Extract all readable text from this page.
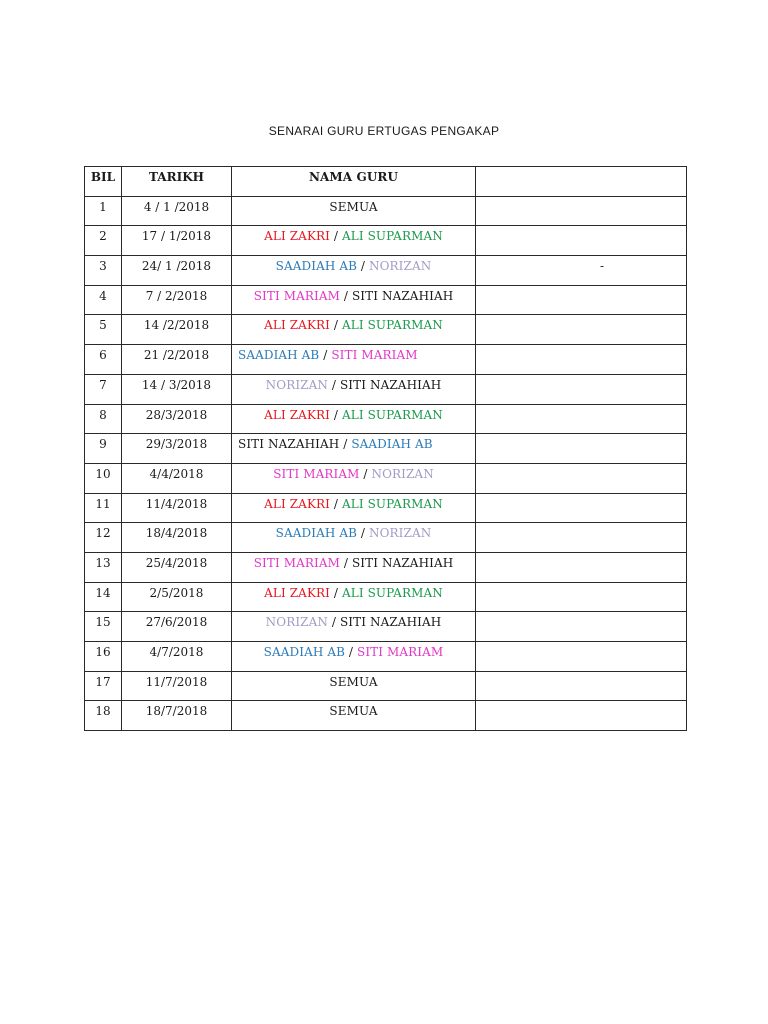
SENARAI GURU ERTUGAS PENGAKAP
BIL	TARIKH	NAMA GURU	
1	4 / 1 /2018	SEMUA	
2	17 / 1/2018	ALI ZAKRI / ALI SUPARMAN	
3	24/ 1 /2018	SAADIAH AB / NORIZAN	-
4	7 / 2/2018	SITI MARIAM / SITI NAZAHIAH	
5	14 /2/2018	ALI ZAKRI / ALI SUPARMAN	
6	21 /2/2018	SAADIAH AB / SITI MARIAM	
7	14 / 3/2018	NORIZAN / SITI NAZAHIAH	
8	28/3/2018	ALI ZAKRI / ALI SUPARMAN	
9	29/3/2018	SITI NAZAHIAH / SAADIAH AB	
10	4/4/2018	SITI MARIAM / NORIZAN	
11	11/4/2018	ALI ZAKRI / ALI SUPARMAN	
12	18/4/2018	SAADIAH AB / NORIZAN	
13	25/4/2018	SITI MARIAM / SITI NAZAHIAH	
14	2/5/2018	ALI ZAKRI / ALI SUPARMAN	
15	27/6/2018	NORIZAN / SITI NAZAHIAH	
16	4/7/2018	SAADIAH AB / SITI MARIAM	
17	11/7/2018	SEMUA	
18	18/7/2018	SEMUA	
